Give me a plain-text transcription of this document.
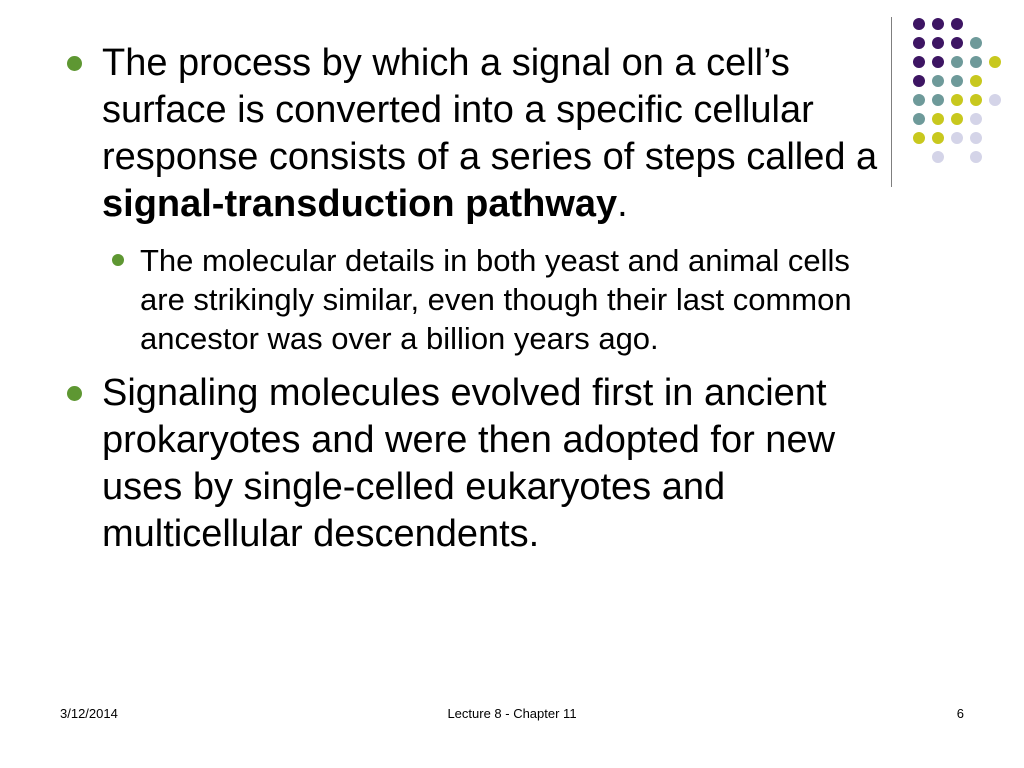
The process by which a signal on a cell’s surface is converted into a specific cellular response consists of a series of steps called a signal-transduction pathway.
The molecular details in both yeast and animal cells are strikingly similar, even though their last common ancestor was over a billion years ago.
Signaling molecules evolved first in ancient prokaryotes and were then adopted for new uses by single-celled eukaryotes and multicellular descendents.
3/12/2014	Lecture 8 - Chapter 11	6
